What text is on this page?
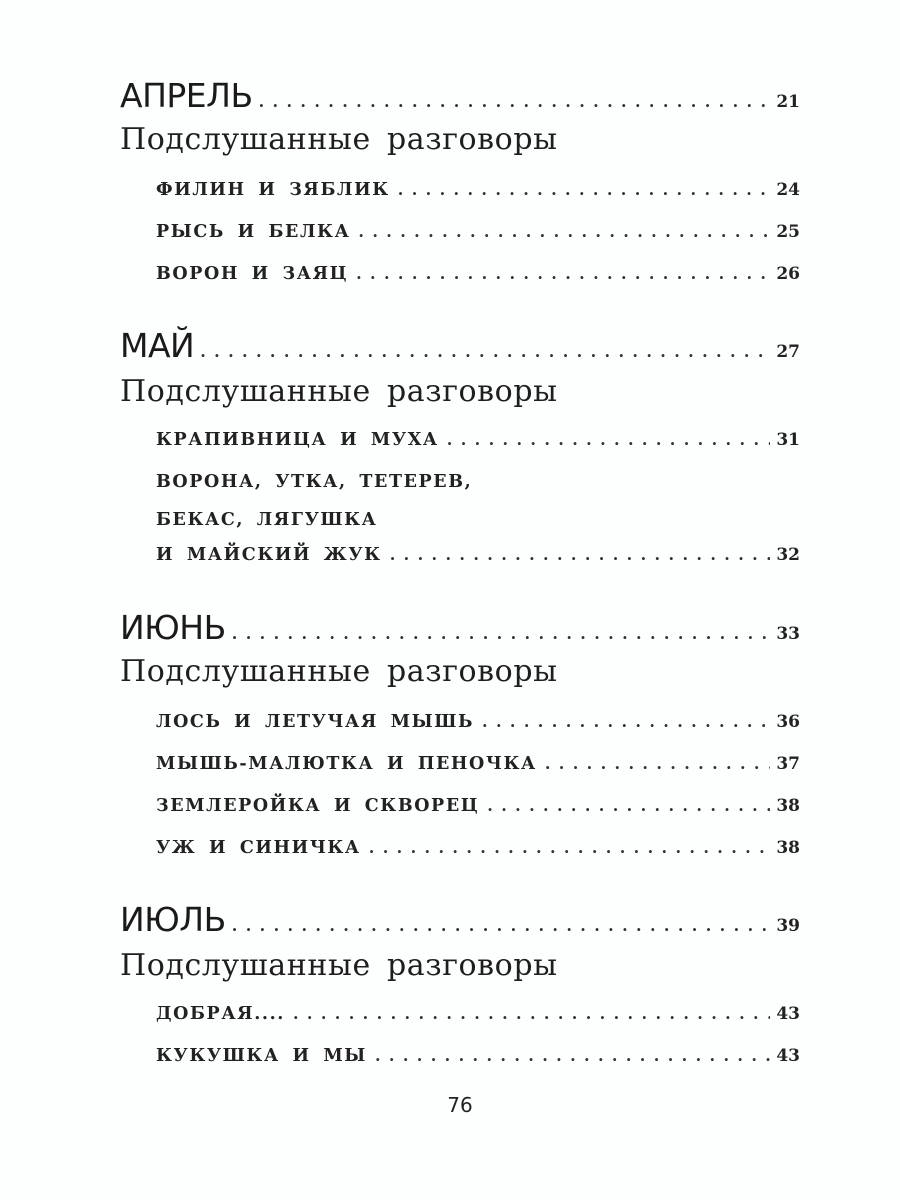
АПРЕЛЬ . . .	21
Подслушанные разговоры
ФИЛИН И ЗЯБЛИК . . .	24
РЫСЬ И БЕЛКА . . .	25
ВОРОН И ЗАЯЦ . . .	26
МАЙ . . .	27
Подслушанные разговоры
КРАПИВНИЦА И МУХА . . .	31
ВОРОНА, УТКА, ТЕТЕРЕВ,
БЕКАС, ЛЯГУШКА
И МАЙСКИЙ ЖУК . . .	32
ИЮНЬ . . .	33
Подслушанные разговоры
ЛОСЬ И ЛЕТУЧАЯ МЫШЬ . . .	36
МЫШЬ-МАЛЮТКА И ПЕНОЧКА . . .	37
ЗЕМЛЕРОЙКА И СКВОРЕЦ . . .	38
УЖ И СИНИЧКА . . .	38
ИЮЛЬ . . .	39
Подслушанные разговоры
ДОБРАЯ.... . . .	43
КУКУШКА И МЫ . . .	43
76
